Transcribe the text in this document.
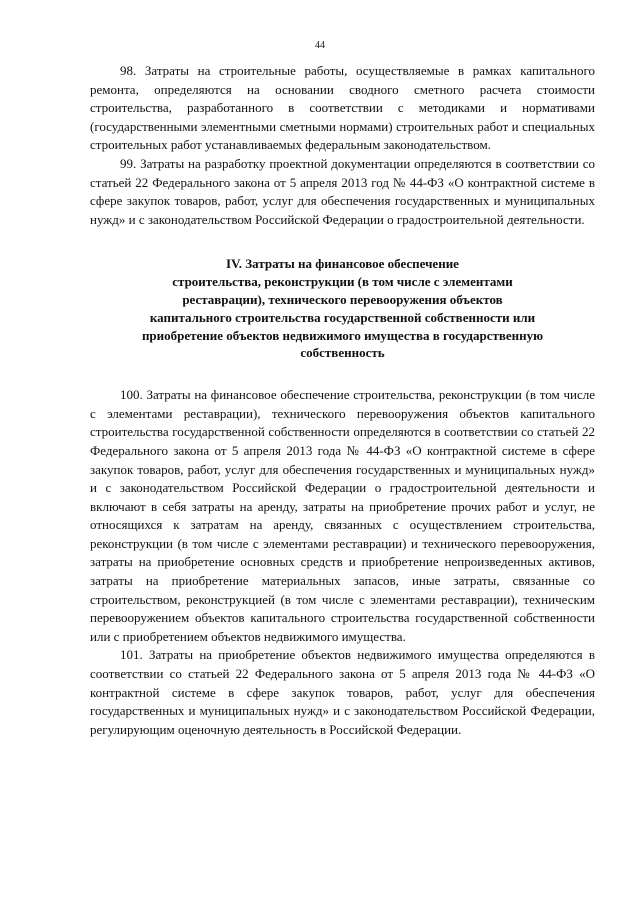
44

98. Затраты на строительные работы, осуществляемые в рамках капитального ремонта, определяются на основании сводного сметного расчета стоимости строительства, разработанного в соответствии с методиками и нормативами (государственными элементными сметными нормами) строительных работ и специальных строительных работ устанавливаемых федеральным законодательством.

99. Затраты на разработку проектной документации определяются в соответствии со статьей 22 Федерального закона от 5 апреля 2013 год № 44-ФЗ «О контрактной системе в сфере закупок товаров, работ, услуг для обеспечения государственных и муниципальных нужд» и с законодательством Российской Федерации о градостроительной деятельности.

IV. Затраты на финансовое обеспечение
строительства, реконструкции (в том числе с элементами
реставрации), технического перевооружения объектов
капитального строительства государственной собственности или
приобретение объектов недвижимого имущества в государственную
собственность

100. Затраты на финансовое обеспечение строительства, реконструкции (в том числе с элементами реставрации), технического перевооружения объектов капитального строительства государственной собственности определяются в соответствии со статьей 22 Федерального закона от 5 апреля 2013 года № 44-ФЗ «О контрактной системе в сфере закупок товаров, работ, услуг для обеспечения государственных и муниципальных нужд» и с законодательством Российской Федерации о градостроительной деятельности и включают в себя затраты на аренду, затраты на приобретение прочих работ и услуг, не относящихся к затратам на аренду, связанных с осуществлением строительства, реконструкции (в том числе с элементами реставрации) и технического перевооружения, затраты на приобретение основных средств и приобретение непроизведенных активов, затраты на приобретение материальных запасов, иные затраты, связанные со строительством, реконструкцией (в том числе с элементами реставрации), техническим перевооружением объектов капитального строительства государственной собственности или с приобретением объектов недвижимого имущества.

101. Затраты на приобретение объектов недвижимого имущества определяются в соответствии со статьей 22 Федерального закона от 5 апреля 2013 года № 44-ФЗ «О контрактной системе в сфере закупок товаров, работ, услуг для обеспечения государственных и муниципальных нужд» и с законодательством Российской Федерации, регулирующим оценочную деятельность в Российской Федерации.
